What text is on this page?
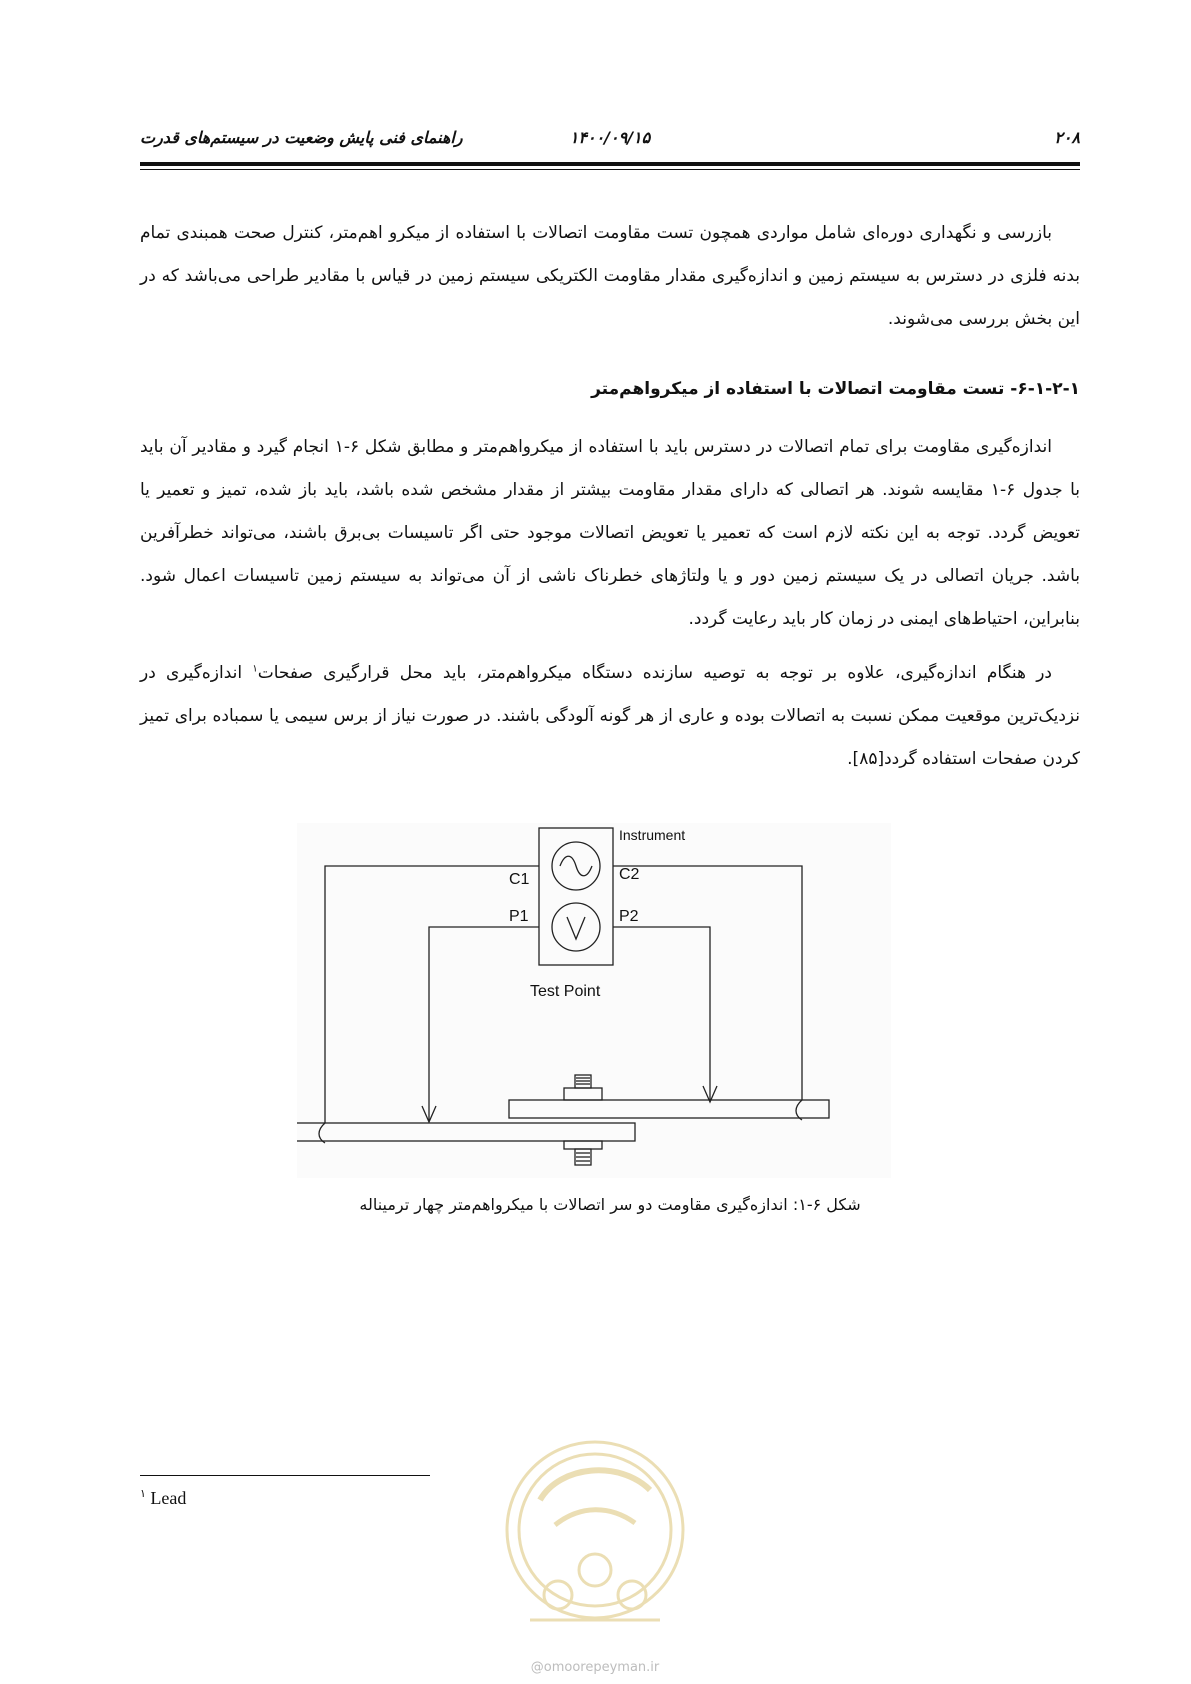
۲۰۸
۱۴۰۰/۰۹/۱۵
راهنمای فنی پایش وضعیت در سیستم‌های قدرت

بازرسی و نگهداری دوره‌ای شامل مواردی همچون تست مقاومت اتصالات با استفاده از میکرو اهم‌متر، کنترل صحت همبندی تمام بدنه فلزی در دسترس به سیستم زمین و اندازه‌گیری مقدار مقاومت الکتریکی سیستم زمین در قیاس با مقادیر طراحی می‌باشد که در این بخش بررسی می‌شوند.

۶-۱-۲-۱- تست مقاومت اتصالات با استفاده از میکرواهم‌متر

اندازه‌گیری مقاومت برای تمام اتصالات در دسترس باید با استفاده از میکرواهم‌متر و مطابق شکل ۶-۱ انجام گیرد و مقادیر آن باید با جدول ۶-۱ مقایسه شوند. هر اتصالی که دارای مقدار مقاومت بیشتر از مقدار مشخص شده باشد، باید باز شده، تمیز و تعمیر یا تعویض گردد. توجه به این نکته لازم است که تعمیر یا تعویض اتصالات موجود حتی اگر تاسیسات بی‌برق باشند، می‌تواند خطرآفرین باشد. جریان اتصالی در یک سیستم زمین دور و یا ولتاژهای خطرناک ناشی از آن می‌تواند به سیستم زمین تاسیسات اعمال شود. بنابراین، احتیاط‌های ایمنی در زمان کار باید رعایت گردد.

در هنگام اندازه‌گیری، علاوه بر توجه به توصیه سازنده دستگاه میکرواهم‌متر، باید محل قرارگیری صفحات$^۱$ اندازه‌گیری در نزدیک‌ترین موقعیت ممکن نسبت به اتصالات بوده و عاری از هر گونه آلودگی باشند. در صورت نیاز از برس سیمی یا سمباده برای تمیز کردن صفحات استفاده گردد[۸۵].

Instrument
C1	C2
P1	P2
Test Point
شکل ۶-۱: اندازه‌گیری مقاومت دو سر اتصالات با میکرواهم‌متر چهار ترمیناله
$^۱$ Lead
@omoorepeyman.ir
